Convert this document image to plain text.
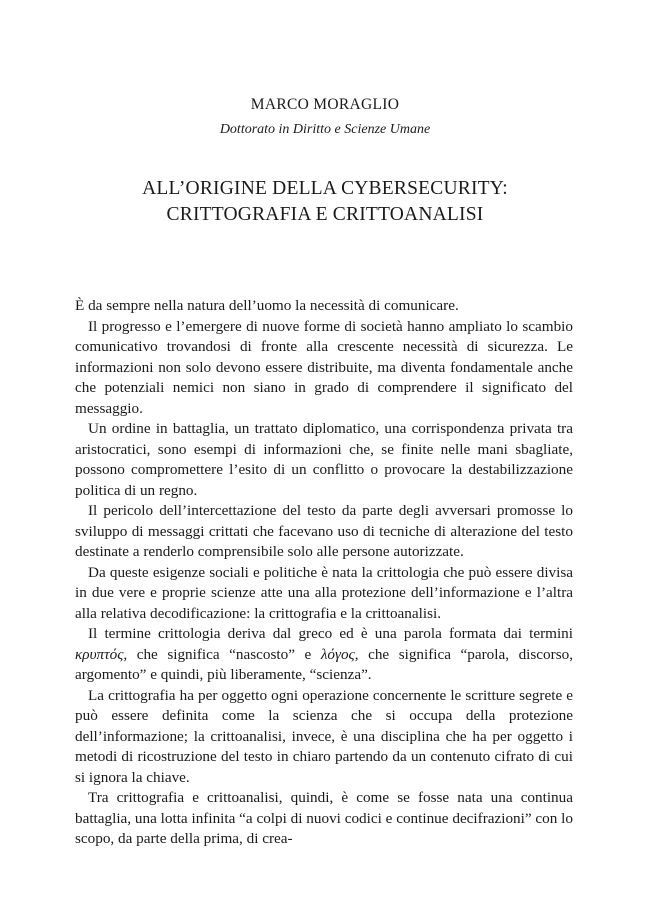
MARCO MORAGLIO
Dottorato in Diritto e Scienze Umane
ALL’ORIGINE DELLA CYBERSECURITY:
CRITTOGRAFIA E CRITTOANALISI

È da sempre nella natura dell’uomo la necessità di comunicare.

Il progresso e l’emergere di nuove forme di società hanno ampliato lo scambio comunicativo trovandosi di fronte alla crescente necessità di sicurezza. Le informazioni non solo devono essere distribuite, ma diventa fondamentale anche che potenziali nemici non siano in grado di comprendere il significato del messaggio.

Un ordine in battaglia, un trattato diplomatico, una corrispondenza privata tra aristocratici, sono esempi di informazioni che, se finite nelle mani sbagliate, possono compromettere l’esito di un conflitto o provocare la destabilizzazione politica di un regno.

Il pericolo dell’intercettazione del testo da parte degli avversari promosse lo sviluppo di messaggi crittati che facevano uso di tecniche di alterazione del testo destinate a renderlo comprensibile solo alle persone autorizzate.

Da queste esigenze sociali e politiche è nata la crittologia che può essere divisa in due vere e proprie scienze atte una alla protezione dell’informazione e l’altra alla relativa decodificazione: la crittografia e la crittoanalisi.

Il termine crittologia deriva dal greco ed è una parola formata dai termini κρυπτός, che significa “nascosto” e λόγος, che significa “parola, discorso, argomento” e quindi, più liberamente, “scienza”.

La crittografia ha per oggetto ogni operazione concernente le scritture segrete e può essere definita come la scienza che si occupa della protezione dell’informazione; la crittoanalisi, invece, è una disciplina che ha per oggetto i metodi di ricostruzione del testo in chiaro partendo da un contenuto cifrato di cui si ignora la chiave.

Tra crittografia e crittoanalisi, quindi, è come se fosse nata una continua battaglia, una lotta infinita “a colpi di nuovi codici e continue decifrazioni” con lo scopo, da parte della prima, di crea-
